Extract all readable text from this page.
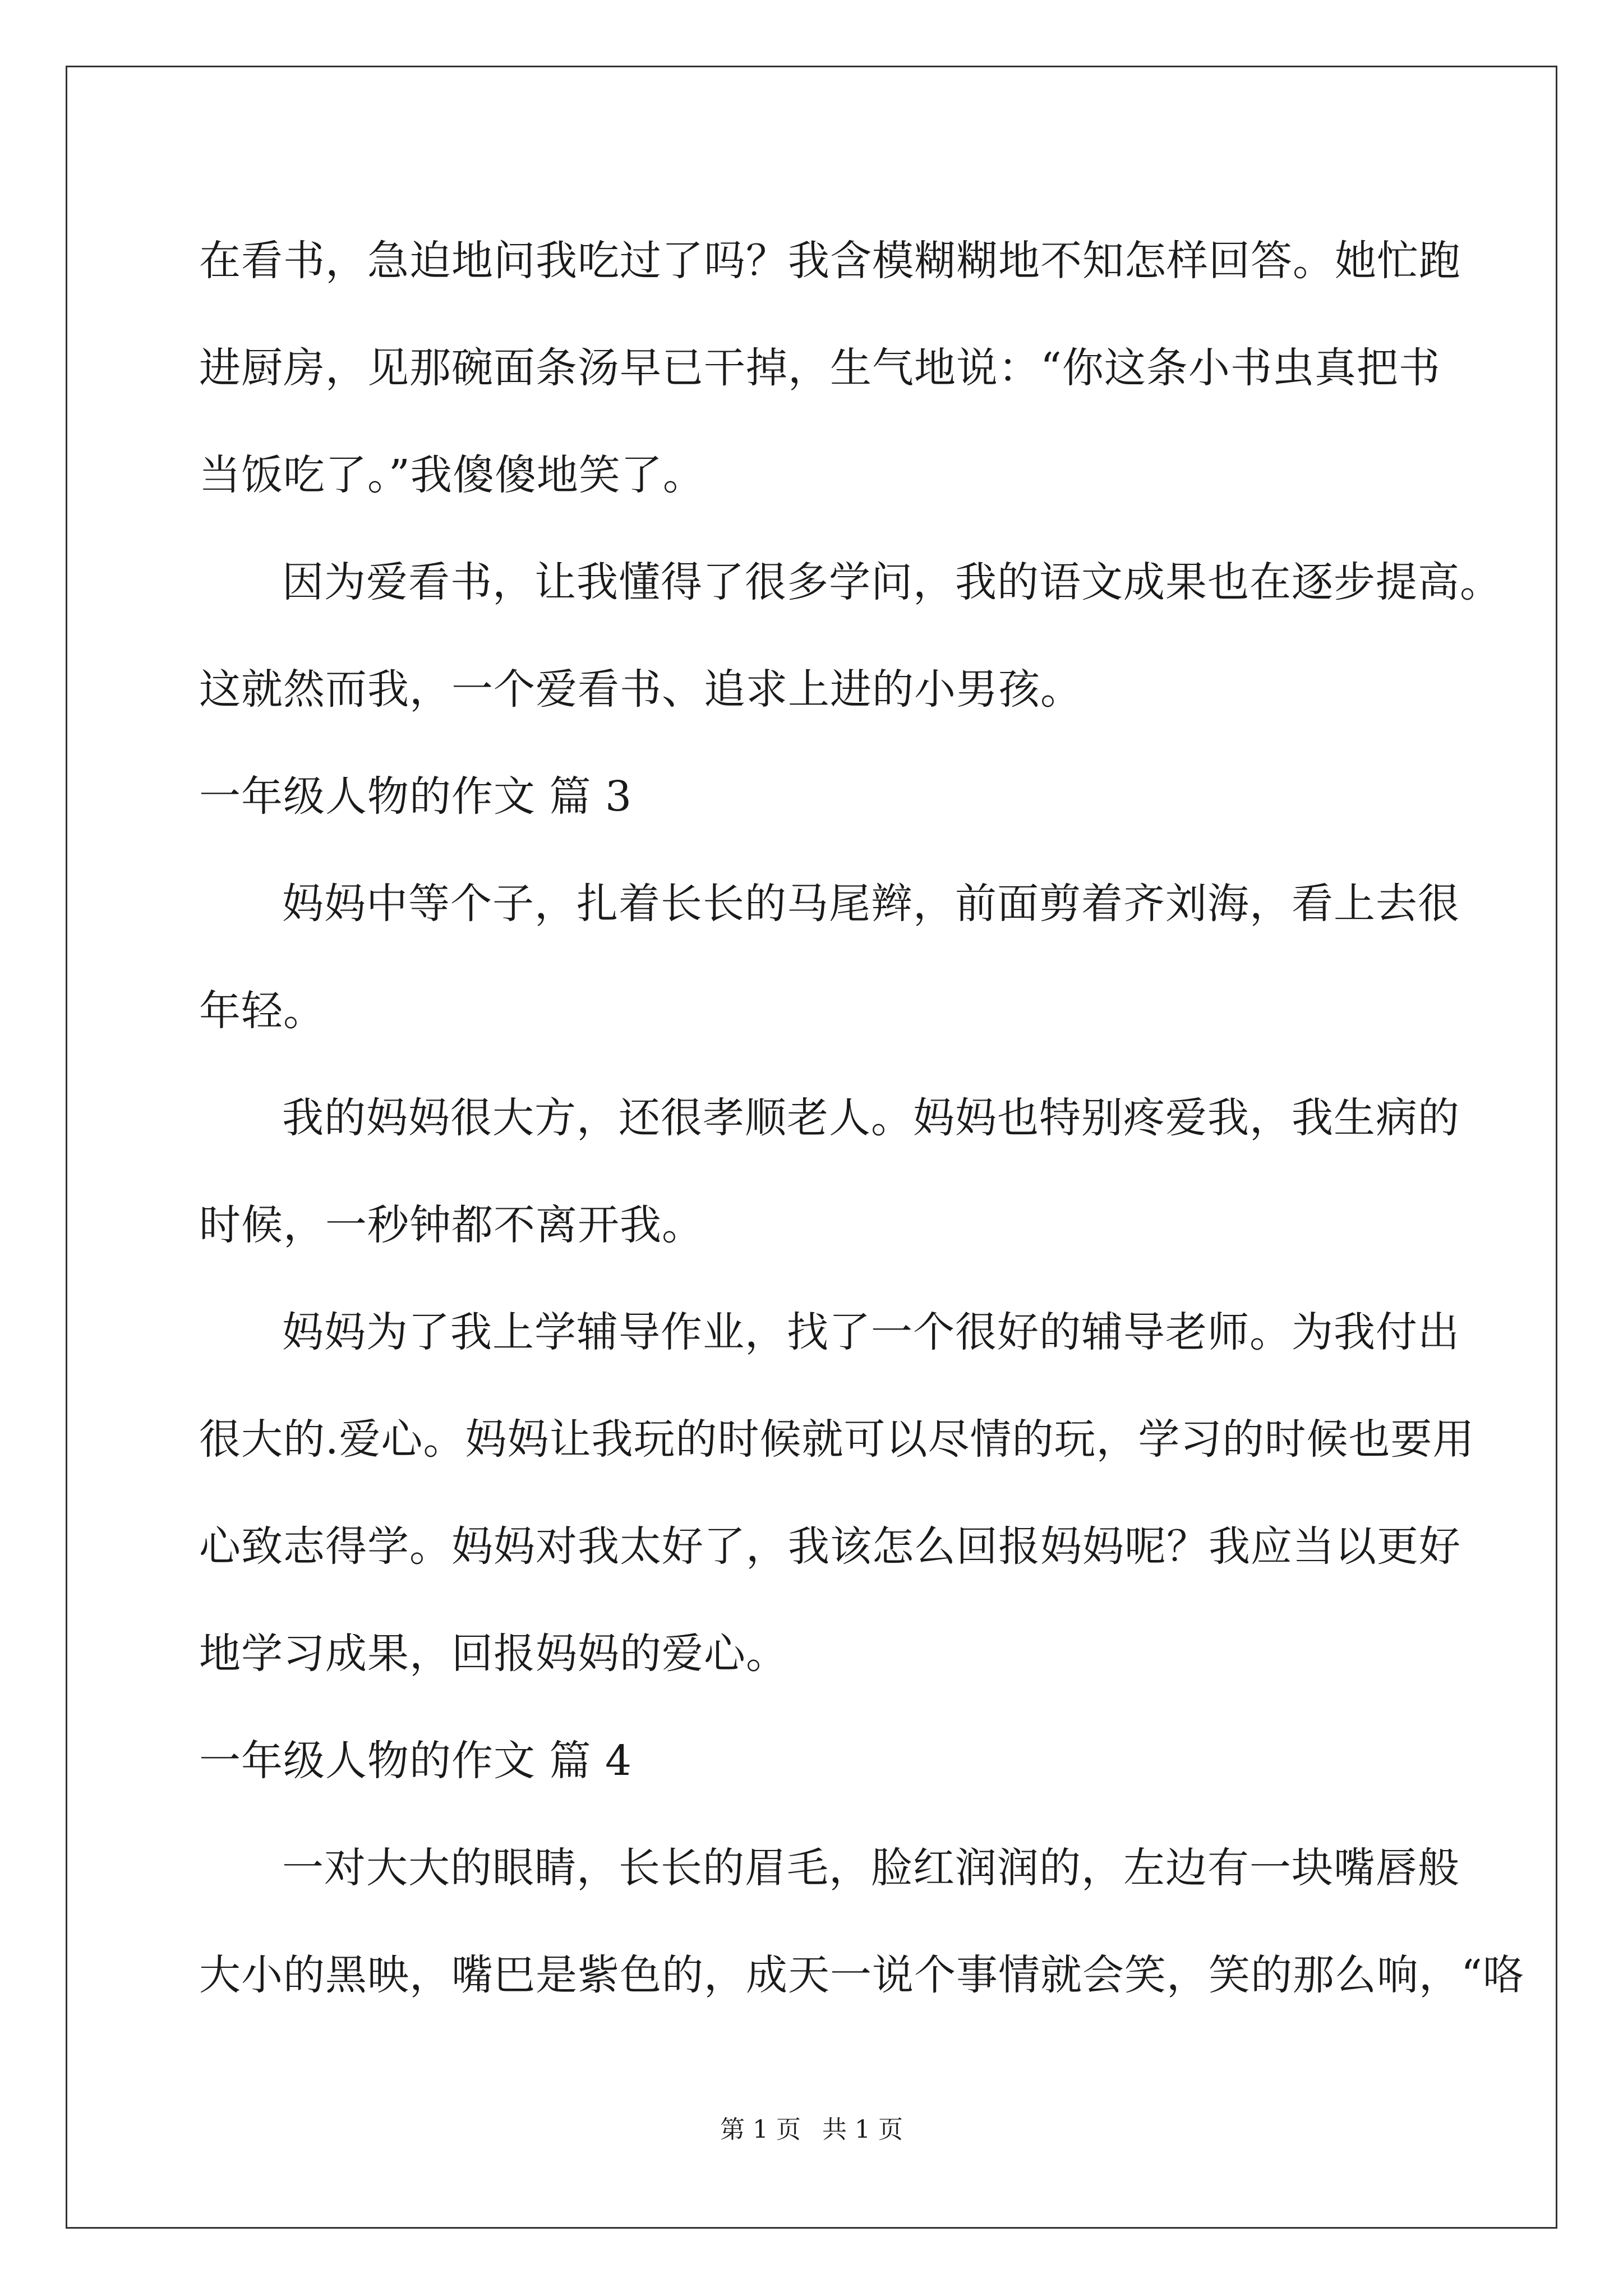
在看书，急迫地问我吃过了吗？我含模糊糊地不知怎样回答。她忙跑
进厨房，见那碗面条汤早已干掉，生气地说：“你这条小书虫真把书
当饭吃了。”我傻傻地笑了。
因为爱看书，让我懂得了很多学问，我的语文成果也在逐步提高。
这就然而我，一个爱看书、追求上进的小男孩。
一年级人物的作文 篇 3
妈妈中等个子，扎着长长的马尾辫，前面剪着齐刘海，看上去很
年轻。
我的妈妈很大方，还很孝顺老人。妈妈也特别疼爱我，我生病的
时候，一秒钟都不离开我。
妈妈为了我上学辅导作业，找了一个很好的辅导老师。为我付出
很大的.爱心。妈妈让我玩的时候就可以尽情的玩，学习的时候也要用
心致志得学。妈妈对我太好了，我该怎么回报妈妈呢？我应当以更好
地学习成果，回报妈妈的爱心。
一年级人物的作文 篇 4
一对大大的眼睛，长长的眉毛，脸红润润的，左边有一块嘴唇般
大小的黑映，嘴巴是紫色的，成天一说个事情就会笑，笑的那么响，“咯
第 1 页 共 1 页
